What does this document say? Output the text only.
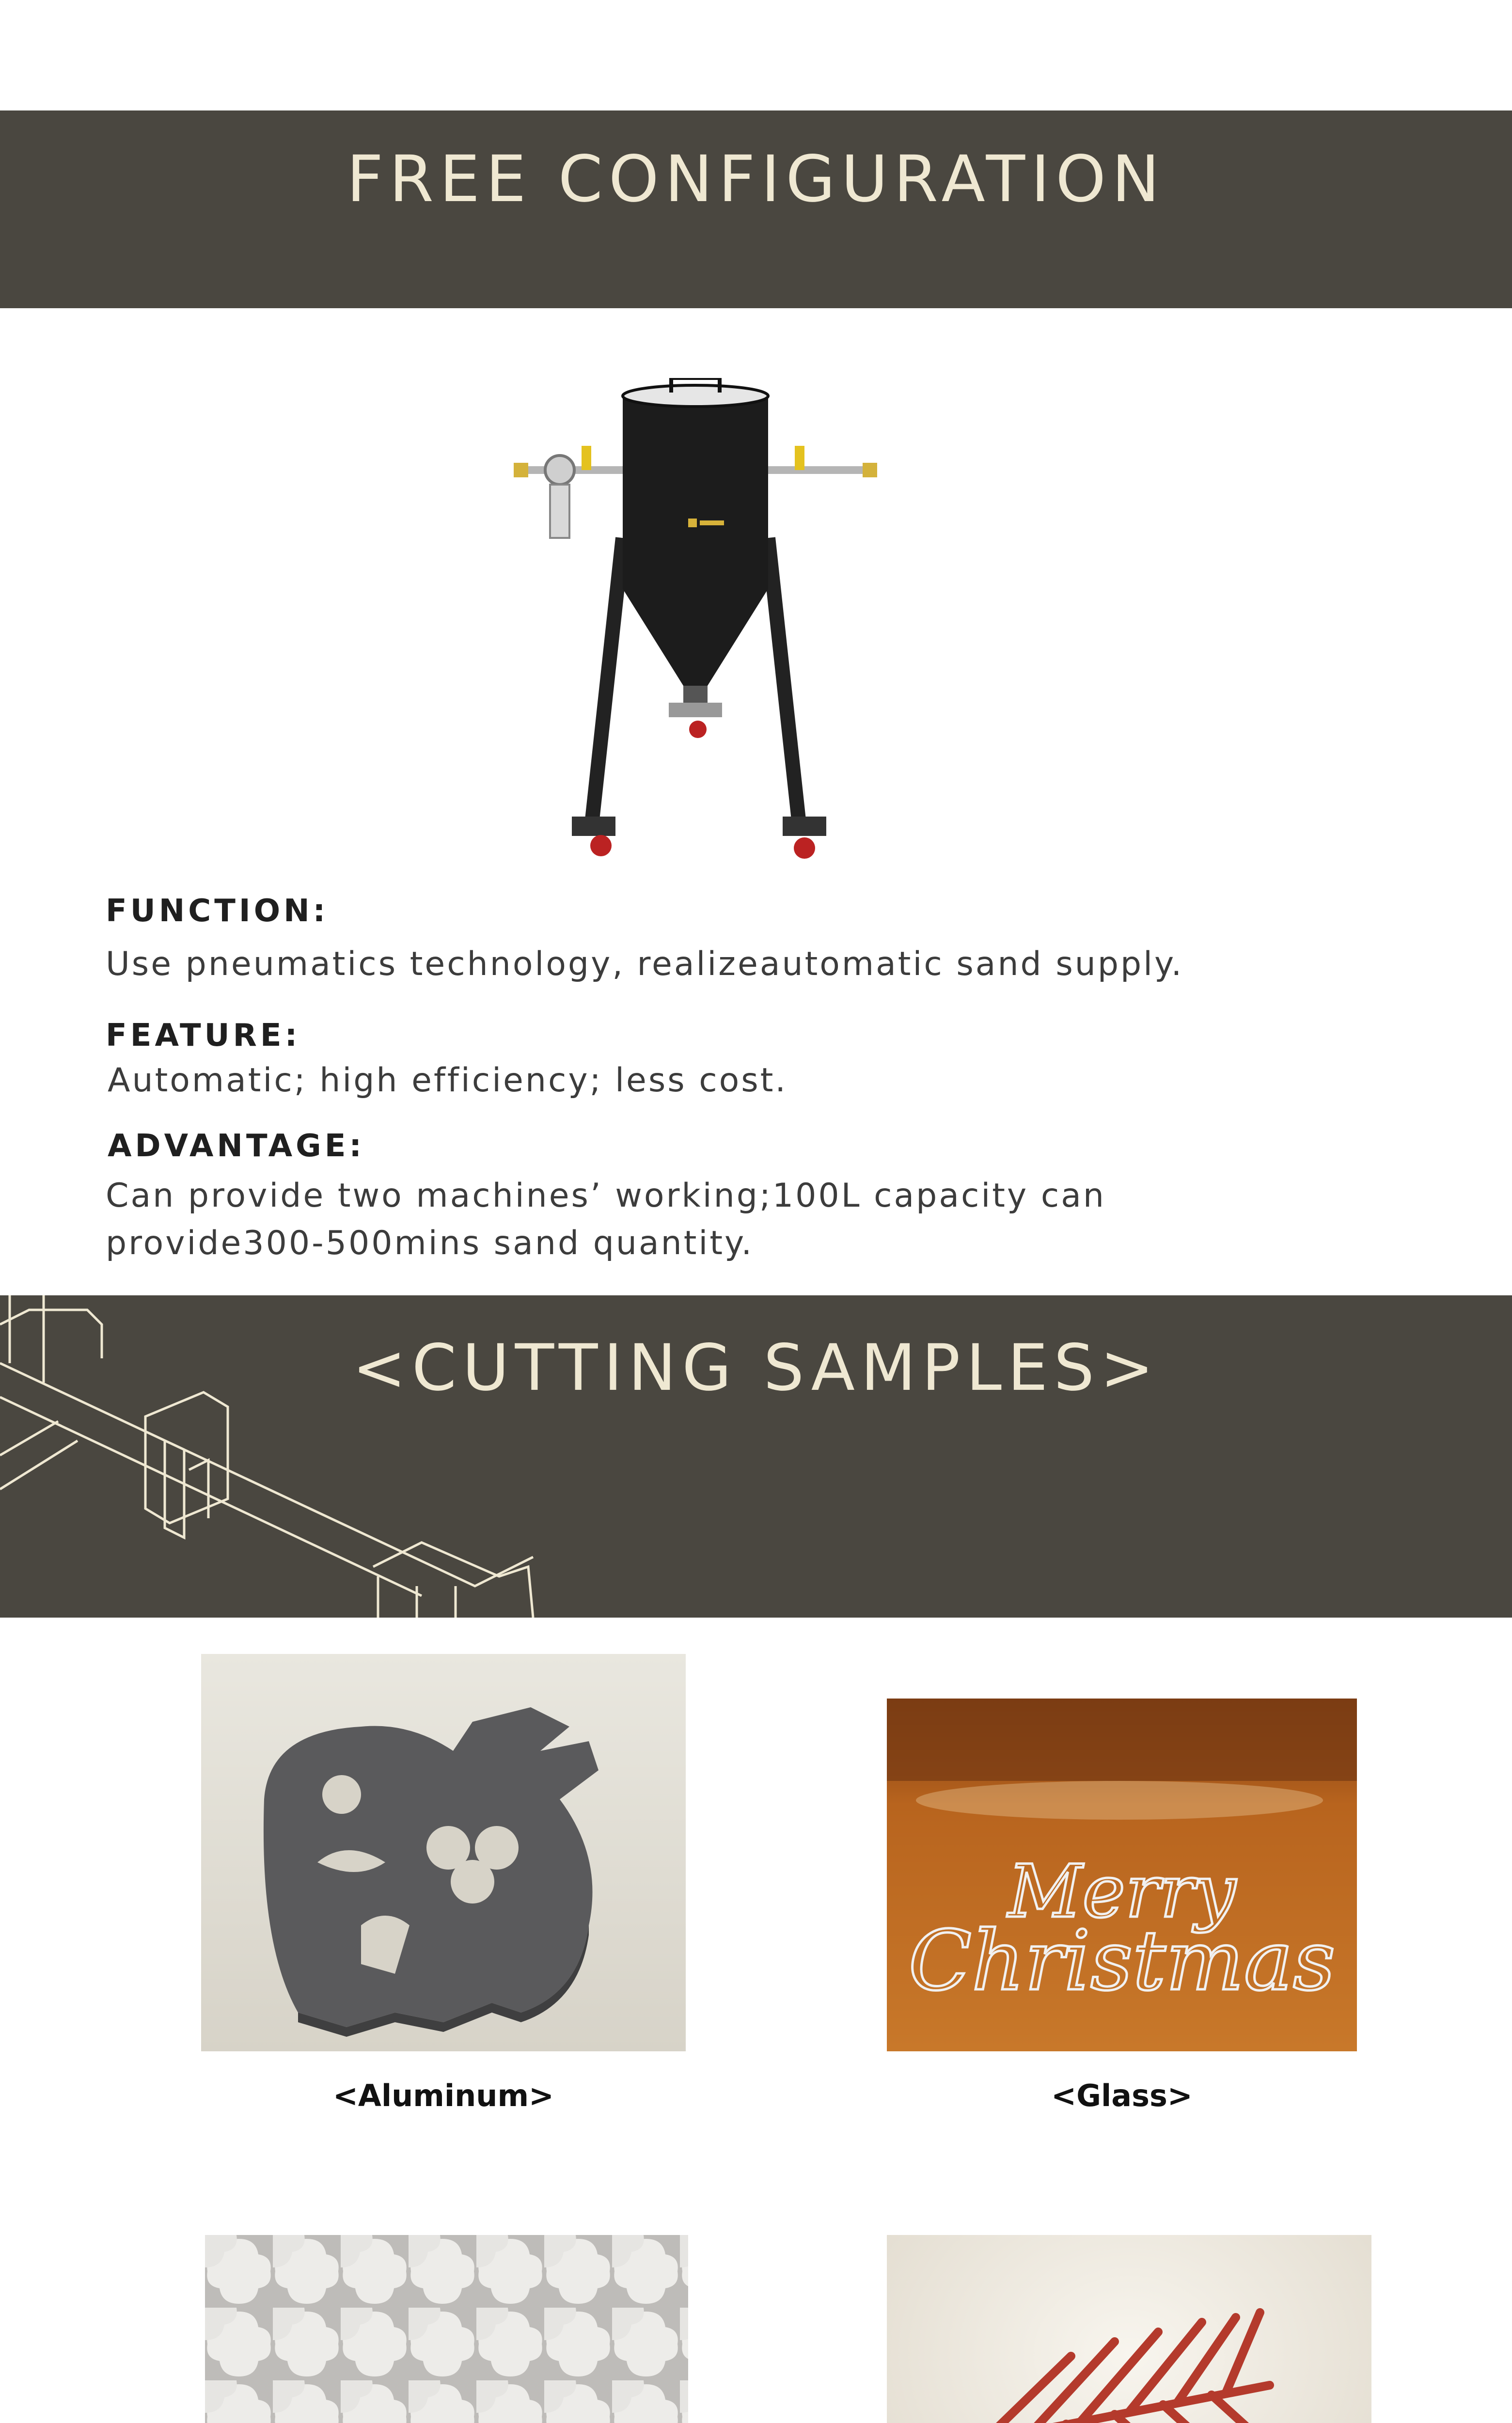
FREE CONFIGURATION
FUNCTION:
Use pneumatics technology, realizeautomatic sand supply.
FEATURE:
Automatic; high efficiency; less cost.
ADVANTAGE:
Can provide two machines’ working;100L capacity can
provide300-500mins sand quantity.
<CUTTING SAMPLES>
<Aluminum>
Merry
Christmas
<Glass>
